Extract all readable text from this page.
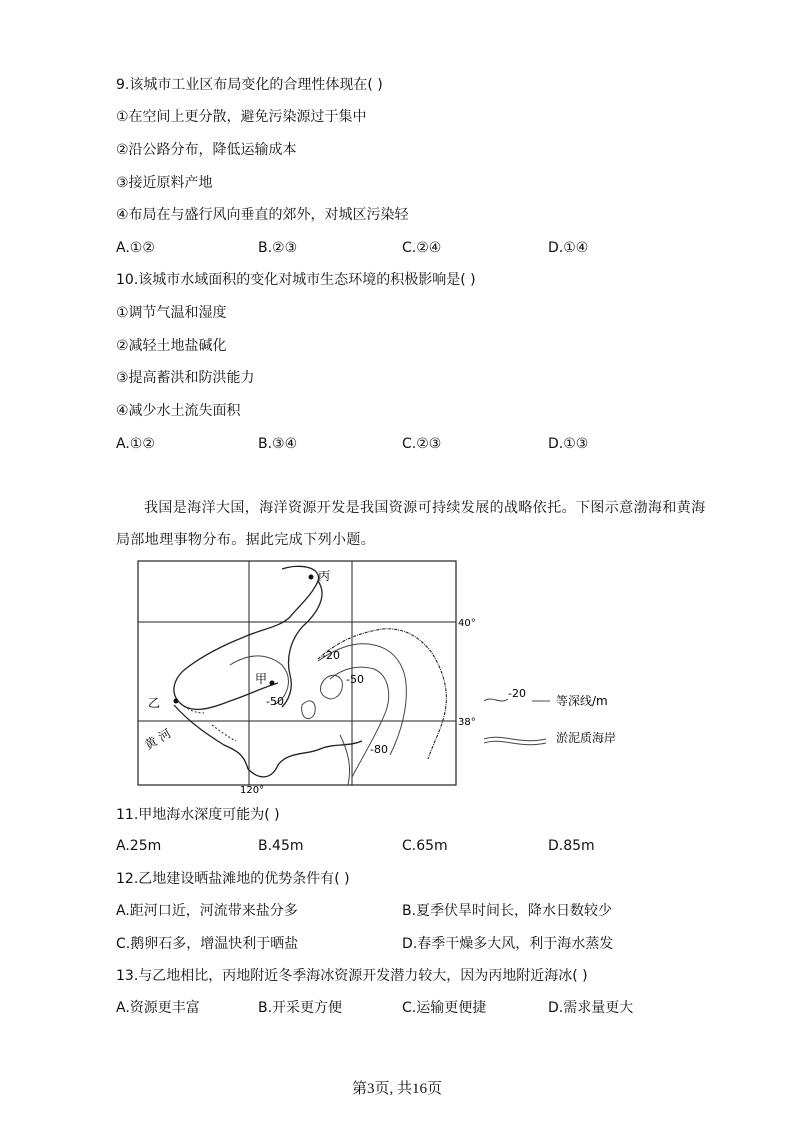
9.该城市工业区布局变化的合理性体现在( )
①在空间上更分散，避免污染源过于集中
②沿公路分布，降低运输成本
③接近原料产地
④布局在与盛行风向垂直的郊外，对城区污染轻
A.①②	B.②③	C.②④	D.①④
10.该城市水域面积的变化对城市生态环境的积极影响是( )
①调节气温和湿度
②减轻土地盐碱化
③提高蓄洪和防洪能力
④减少水土流失面积
A.①②	B.③④	C.②③	D.①③
我国是海洋大国，海洋资源开发是我国资源可持续发展的战略依托。下图示意渤海和黄海局部地理事物分布。据此完成下列小题。
丙
甲
乙
40°
38°
120°
-20
-50
-50
-80
黄 河
-20
等深线/m
淤泥质海岸
11.甲地海水深度可能为( )
A.25m	B.45m	C.65m	D.85m
12.乙地建设晒盐滩地的优势条件有( )
A.距河口近，河流带来盐分多	B.夏季伏旱时间长，降水日数较少
C.鹅卵石多，增温快利于晒盐	D.春季干燥多大风，利于海水蒸发
13.与乙地相比，丙地附近冬季海冰资源开发潜力较大，因为丙地附近海冰( )
A.资源更丰富	B.开采更方便	C.运输更便捷	D.需求量更大
第3页, 共16页
